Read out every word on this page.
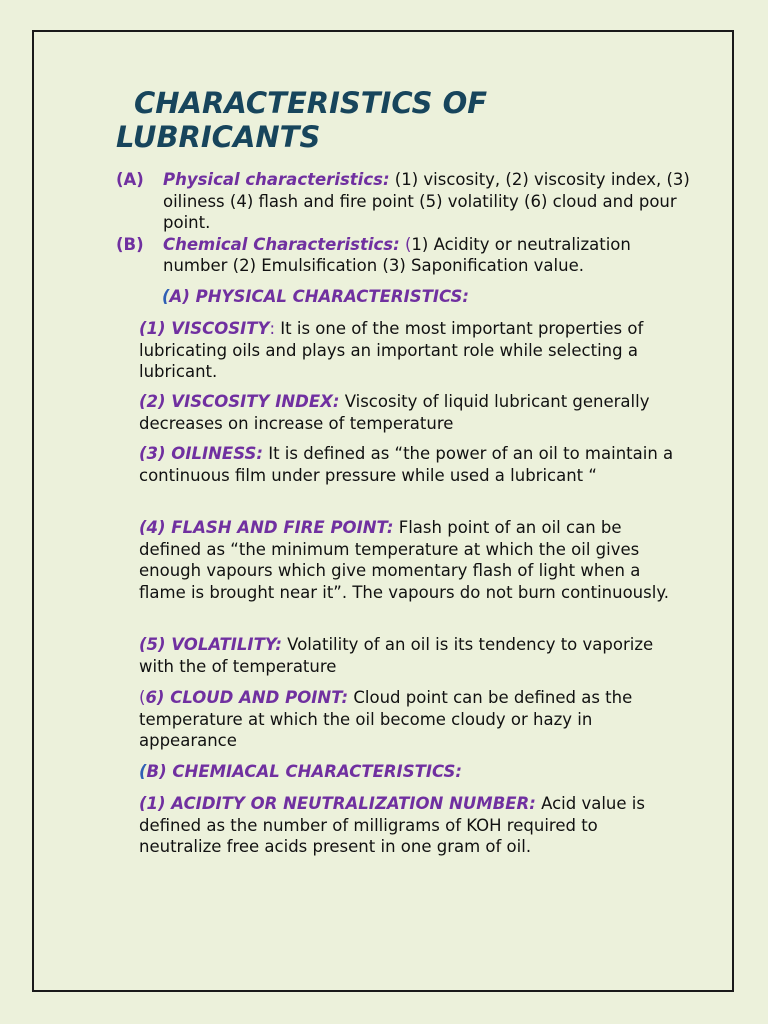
CHARACTERISTICS OF
LUBRICANTS
(A) Physical characteristics: (1) viscosity, (2) viscosity index, (3) oiliness (4) flash and fire point (5) volatility (6) cloud and pour point.
(B) Chemical Characteristics: (1) Acidity or neutralization number (2) Emulsification (3) Saponification value.
(A) PHYSICAL CHARACTERISTICS:
(1) VISCOSITY: It is one of the most important properties of lubricating oils and plays an important role while selecting a lubricant.
(2) VISCOSITY INDEX: Viscosity of liquid lubricant generally decreases on increase of temperature
(3) OILINESS: It is defined as “the power of an oil to maintain a continuous film under pressure while used a lubricant “
(4) FLASH AND FIRE POINT: Flash point of an oil can be defined as “the minimum temperature at which the oil gives enough vapours which give momentary flash of light when a flame is brought near it”. The vapours do not burn continuously.
(5) VOLATILITY: Volatility of an oil is its tendency to vaporize with the of temperature
(6) CLOUD AND POINT: Cloud point can be defined as the temperature at which the oil become cloudy or hazy in appearance
(B) CHEMIACAL CHARACTERISTICS:
(1) ACIDITY OR NEUTRALIZATION NUMBER: Acid value is defined as the number of milligrams of KOH required to neutralize free acids present in one gram of oil.
